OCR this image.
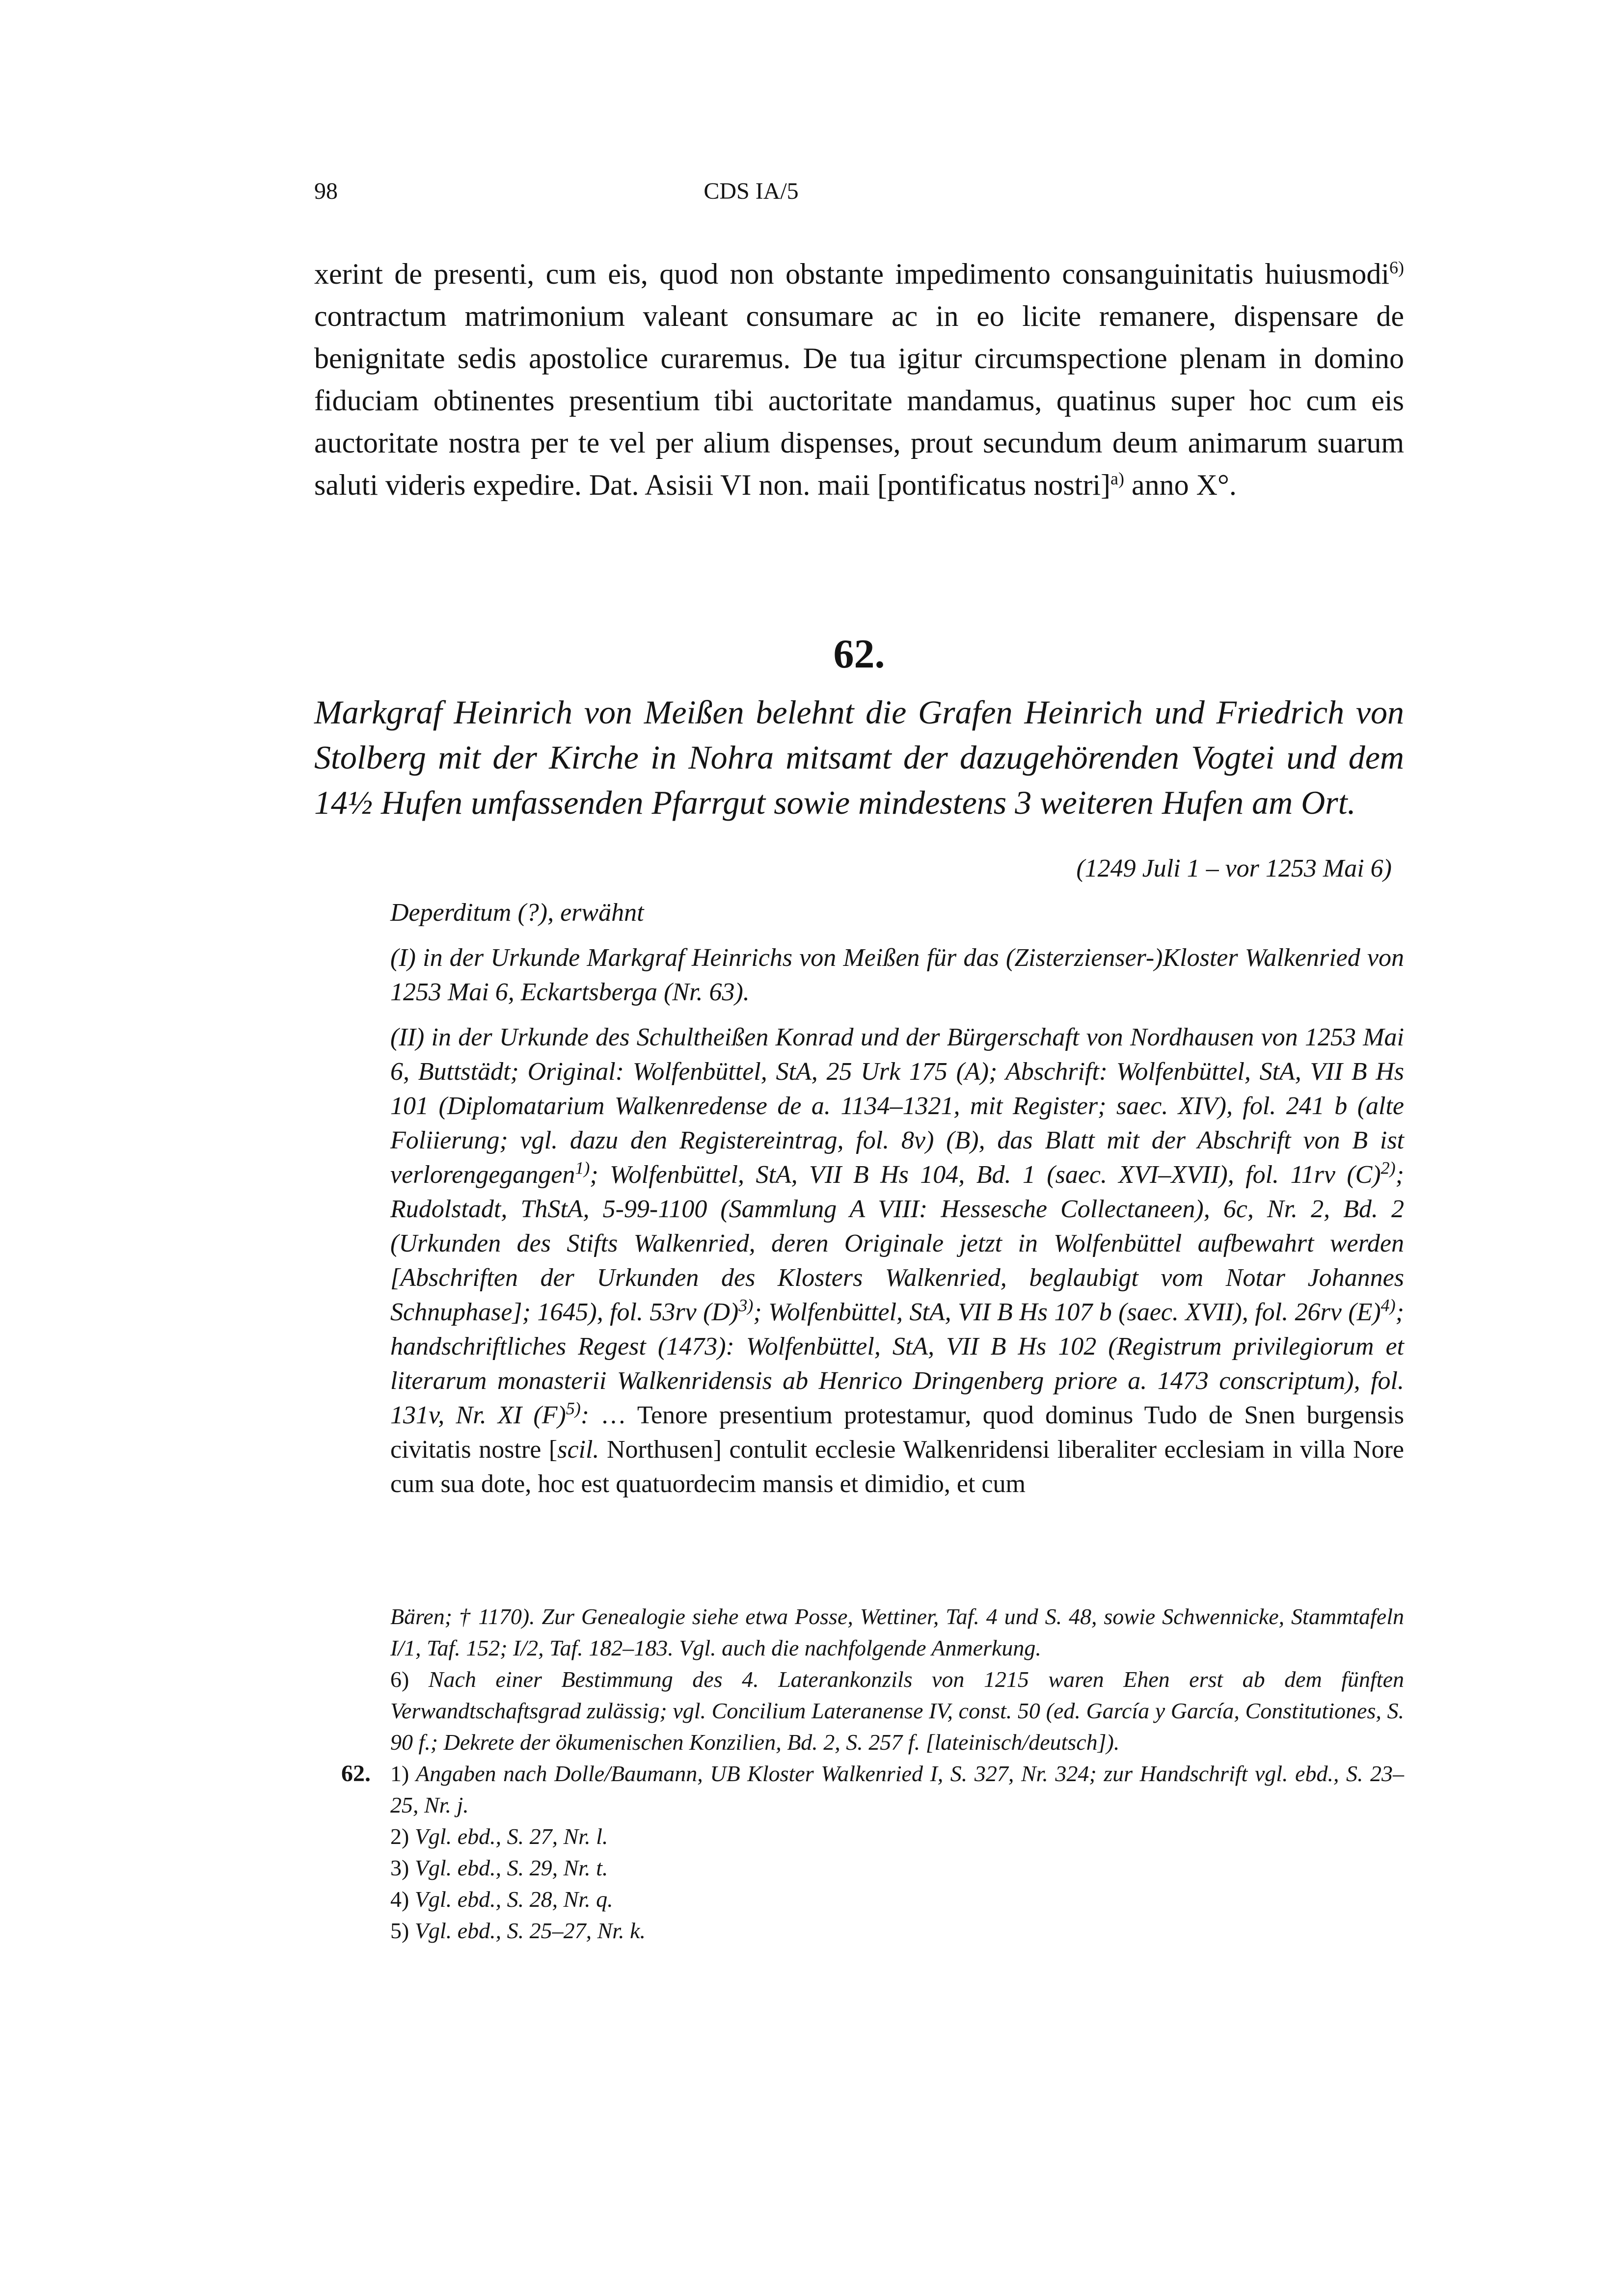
98	CDS IA/5

xerint de presenti, cum eis, quod non obstante impedimento consanguinitatis huiusmodi$^{6)}$ contractum matrimonium valeant consumare ac in eo licite remanere, dispensare de benignitate sedis apostolice curaremus. De tua igitur circumspectione plenam in domino fiduciam obtinentes presentium tibi auctoritate mandamus, quatinus super hoc cum eis auctoritate nostra per te vel per alium dispenses, prout secundum deum animarum suarum saluti videris expedire. Dat. Asisii VI non. maii [pontificatus nostri]$^{a)}$ anno X°.

62.
Markgraf Heinrich von Meißen belehnt die Grafen Heinrich und Friedrich von Stolberg mit der Kirche in Nohra mitsamt der dazugehörenden Vogtei und dem 14½ Hufen umfassenden Pfarrgut sowie mindestens 3 weiteren Hufen am Ort.
(1249 Juli 1 – vor 1253 Mai 6)

Deperditum (?), erwähnt

(I) in der Urkunde Markgraf Heinrichs von Meißen für das (Zisterzienser-)Kloster Walkenried von 1253 Mai 6, Eckartsberga (Nr. 63).

(II) in der Urkunde des Schultheißen Konrad und der Bürgerschaft von Nordhausen von 1253 Mai 6, Buttstädt; Original: Wolfenbüttel, StA, 25 Urk 175 (A); Abschrift: Wolfenbüttel, StA, VII B Hs 101 (Diplomatarium Walkenredense de a. 1134–1321, mit Register; saec. XIV), fol. 241 b (alte Foliierung; vgl. dazu den Registereintrag, fol. 8v) (B), das Blatt mit der Abschrift von B ist verlorengegangen$^{1)}$; Wolfenbüttel, StA, VII B Hs 104, Bd. 1 (saec. XVI–XVII), fol. 11rv $(C)^{2)}$; Rudolstadt, ThStA, 5-99-1100 (Sammlung A VIII: Hessesche Collectaneen), 6c, Nr. 2, Bd. 2 (Urkunden des Stifts Walkenried, deren Originale jetzt in Wolfenbüttel aufbewahrt werden [Abschriften der Urkunden des Klosters Walkenried, beglaubigt vom Notar Johannes Schnuphase]; 1645), fol. 53rv $(D)^{3)}$; Wolfenbüttel, StA, VII B Hs 107 b (saec. XVII), fol. 26rv $(E)^{4)}$; handschriftliches Regest (1473): Wolfenbüttel, StA, VII B Hs 102 (Registrum privilegiorum et literarum monasterii Walkenridensis ab Henrico Dringenberg priore a. 1473 conscriptum), fol. 131v, Nr. XI $(F)^{5)}$: … Tenore presentium protestamur, quod dominus Tudo de Snen burgensis civitatis nostre [scil. Northusen] contulit ecclesie Walkenridensi liberaliter ecclesiam in villa Nore cum sua dote, hoc est quatuordecim mansis et dimidio, et cum

Bären; † 1170). Zur Genealogie siehe etwa Posse, Wettiner, Taf. 4 und S. 48, sowie Schwennicke, Stammtafeln I/1, Taf. 152; I/2, Taf. 182–183. Vgl. auch die nachfolgende Anmerkung.

6) Nach einer Bestimmung des 4. Laterankonzils von 1215 waren Ehen erst ab dem fünften Verwandtschaftsgrad zulässig; vgl. Concilium Lateranense IV, const. 50 (ed. García y García, Constitutiones, S. 90 f.; Dekrete der ökumenischen Konzilien, Bd. 2, S. 257 f. [lateinisch/deutsch]).

62. 1) Angaben nach Dolle/Baumann, UB Kloster Walkenried I, S. 327, Nr. 324; zur Handschrift vgl. ebd., S. 23–25, Nr. j.

2) Vgl. ebd., S. 27, Nr. l.

3) Vgl. ebd., S. 29, Nr. t.

4) Vgl. ebd., S. 28, Nr. q.

5) Vgl. ebd., S. 25–27, Nr. k.
